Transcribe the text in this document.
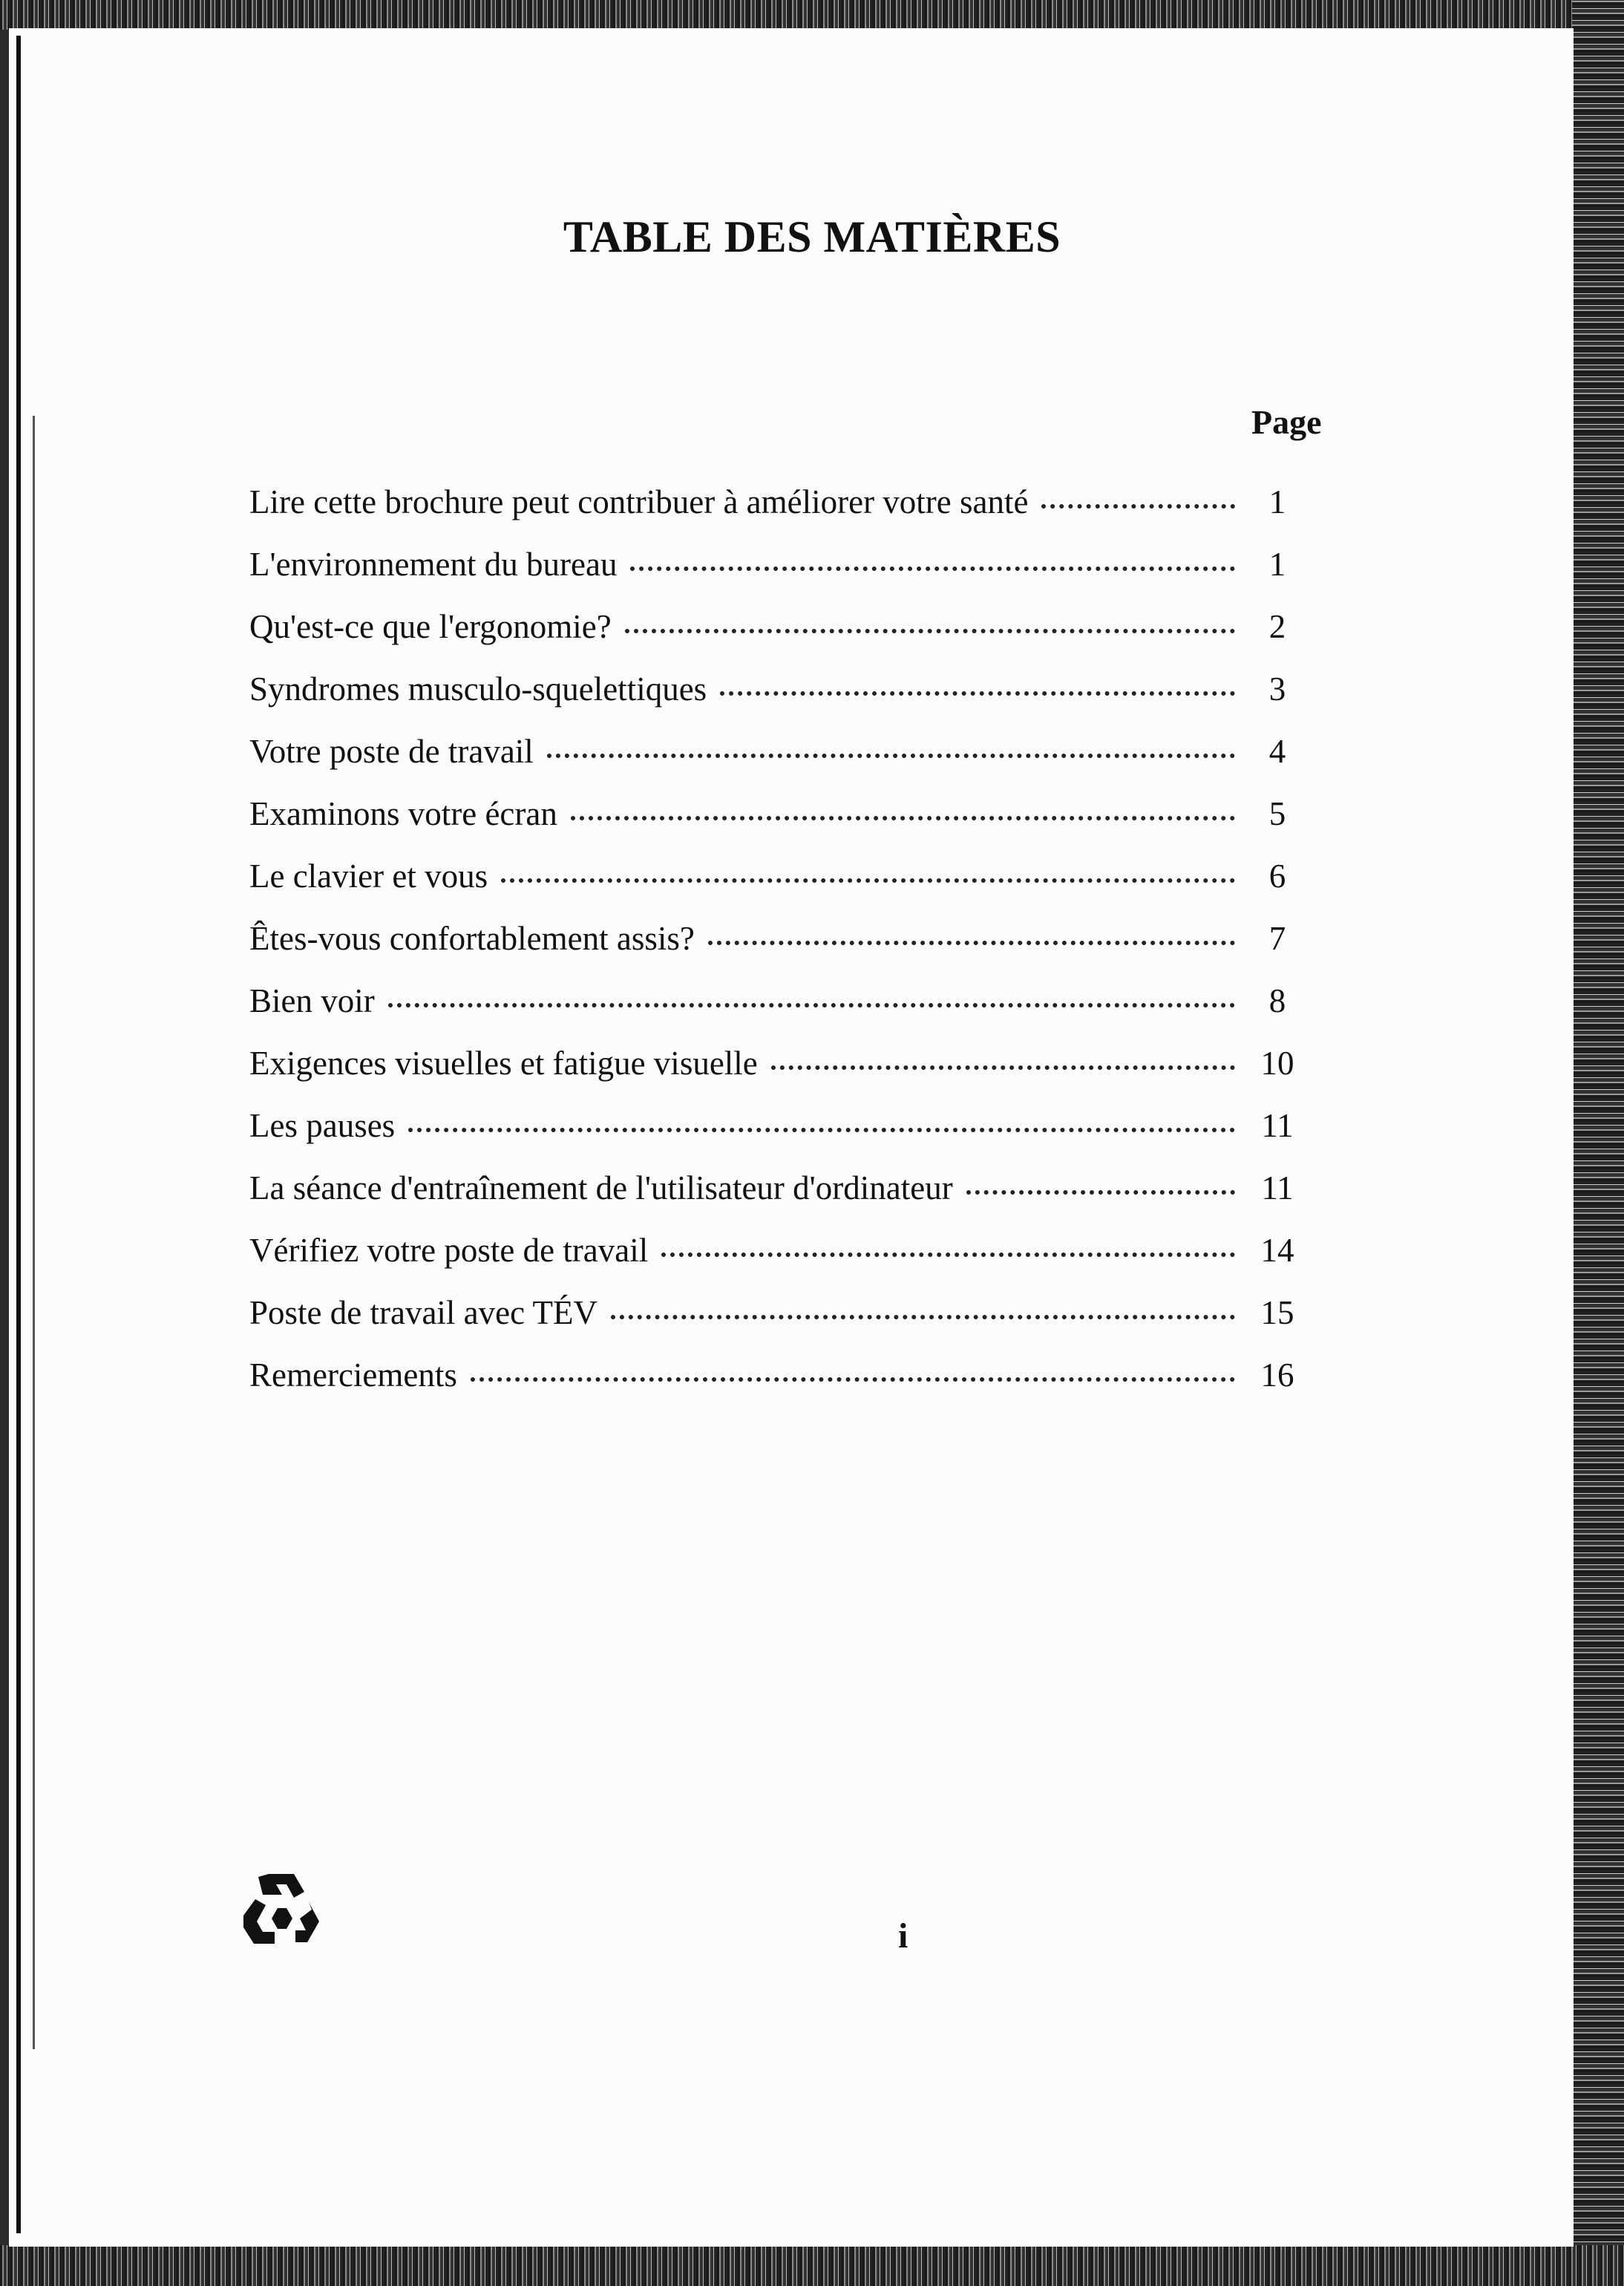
TABLE DES MATIÈRES
Page
Lire cette brochure peut contribuer à améliorer votre santé	1
L'environnement du bureau	1
Qu'est-ce que l'ergonomie?	2
Syndromes musculo-squelettiques	3
Votre poste de travail	4
Examinons votre écran	5
Le clavier et vous	6
Êtes-vous confortablement assis?	7
Bien voir	8
Exigences visuelles et fatigue visuelle	10
Les pauses	11
La séance d'entraînement de l'utilisateur d'ordinateur	11
Vérifiez votre poste de travail	14
Poste de travail avec TÉV	15
Remerciements	16
i
